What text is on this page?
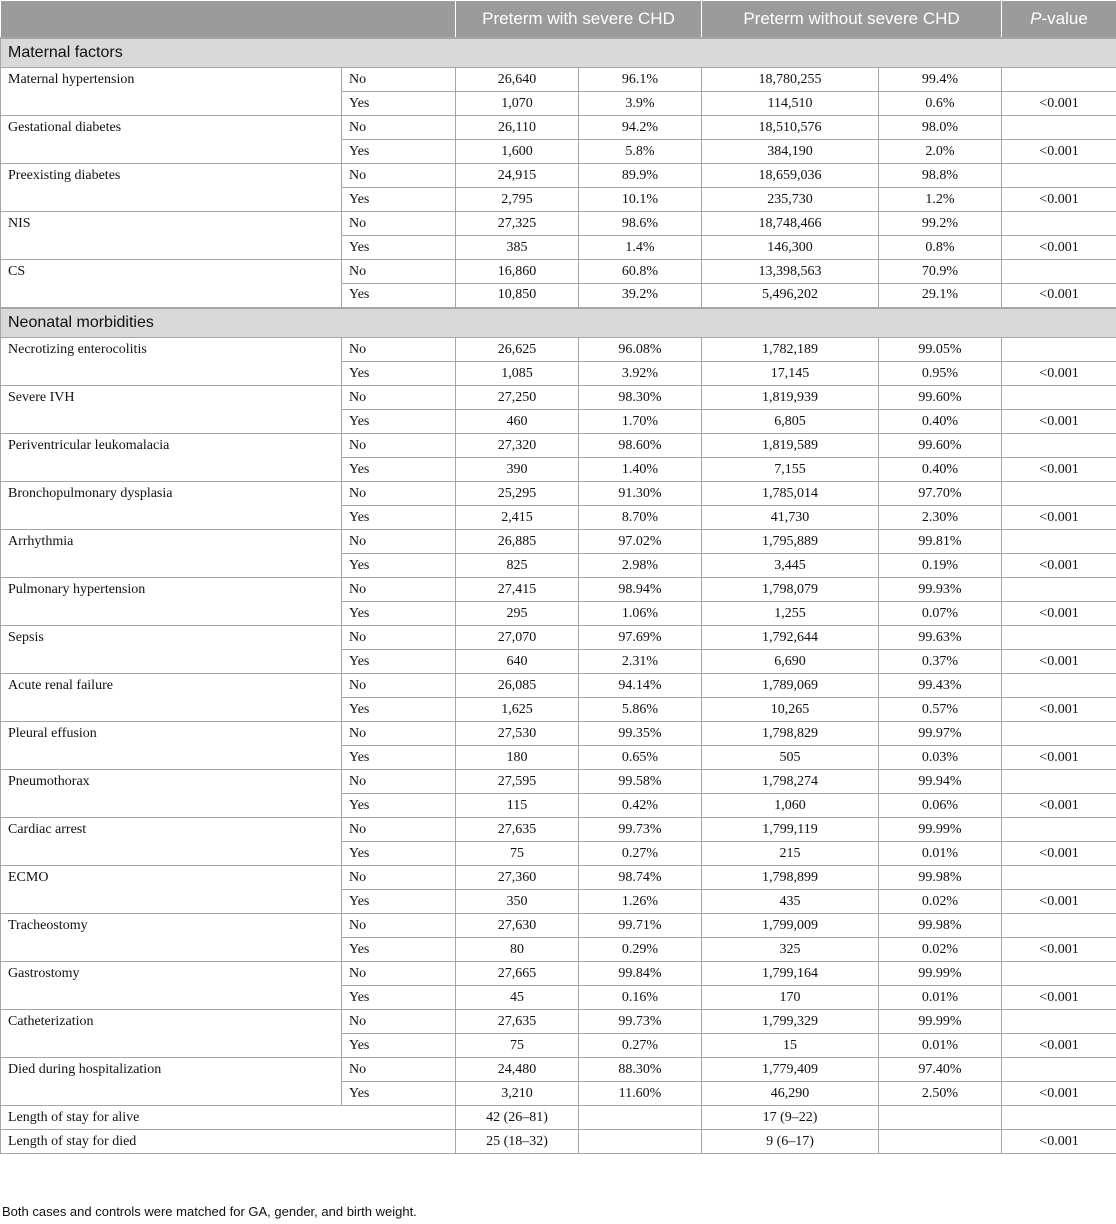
		Preterm with severe CHD		Preterm without severe CHD		P-value
Maternal factors						
Maternal hypertension	No	26,640	96.1%	18,780,255	99.4%	
	Yes	1,070	3.9%	114,510	0.6%	<0.001
Gestational diabetes	No	26,110	94.2%	18,510,576	98.0%	
	Yes	1,600	5.8%	384,190	2.0%	<0.001
Preexisting diabetes	No	24,915	89.9%	18,659,036	98.8%	
	Yes	2,795	10.1%	235,730	1.2%	<0.001
NIS	No	27,325	98.6%	18,748,466	99.2%	
	Yes	385	1.4%	146,300	0.8%	<0.001
CS	No	16,860	60.8%	13,398,563	70.9%	
	Yes	10,850	39.2%	5,496,202	29.1%	<0.001
Neonatal morbidities						
Necrotizing enterocolitis	No	26,625	96.08%	1,782,189	99.05%	
	Yes	1,085	3.92%	17,145	0.95%	<0.001
Severe IVH	No	27,250	98.30%	1,819,939	99.60%	
	Yes	460	1.70%	6,805	0.40%	<0.001
Periventricular leukomalacia	No	27,320	98.60%	1,819,589	99.60%	
	Yes	390	1.40%	7,155	0.40%	<0.001
Bronchopulmonary dysplasia	No	25,295	91.30%	1,785,014	97.70%	
	Yes	2,415	8.70%	41,730	2.30%	<0.001
Arrhythmia	No	26,885	97.02%	1,795,889	99.81%	
	Yes	825	2.98%	3,445	0.19%	<0.001
Pulmonary hypertension	No	27,415	98.94%	1,798,079	99.93%	
	Yes	295	1.06%	1,255	0.07%	<0.001
Sepsis	No	27,070	97.69%	1,792,644	99.63%	
	Yes	640	2.31%	6,690	0.37%	<0.001
Acute renal failure	No	26,085	94.14%	1,789,069	99.43%	
	Yes	1,625	5.86%	10,265	0.57%	<0.001
Pleural effusion	No	27,530	99.35%	1,798,829	99.97%	
	Yes	180	0.65%	505	0.03%	<0.001
Pneumothorax	No	27,595	99.58%	1,798,274	99.94%	
	Yes	115	0.42%	1,060	0.06%	<0.001
Cardiac arrest	No	27,635	99.73%	1,799,119	99.99%	
	Yes	75	0.27%	215	0.01%	<0.001
ECMO	No	27,360	98.74%	1,798,899	99.98%	
	Yes	350	1.26%	435	0.02%	<0.001
Tracheostomy	No	27,630	99.71%	1,799,009	99.98%	
	Yes	80	0.29%	325	0.02%	<0.001
Gastrostomy	No	27,665	99.84%	1,799,164	99.99%	
	Yes	45	0.16%	170	0.01%	<0.001
Catheterization	No	27,635	99.73%	1,799,329	99.99%	
	Yes	75	0.27%	15	0.01%	<0.001
Died during hospitalization	No	24,480	88.30%	1,779,409	97.40%	
	Yes	3,210	11.60%	46,290	2.50%	<0.001
Length of stay for alive		42 (26–81)		17 (9–22)		
Length of stay for died		25 (18–32)		9 (6–17)		<0.001
Both cases and controls were matched for GA, gender, and birth weight.
